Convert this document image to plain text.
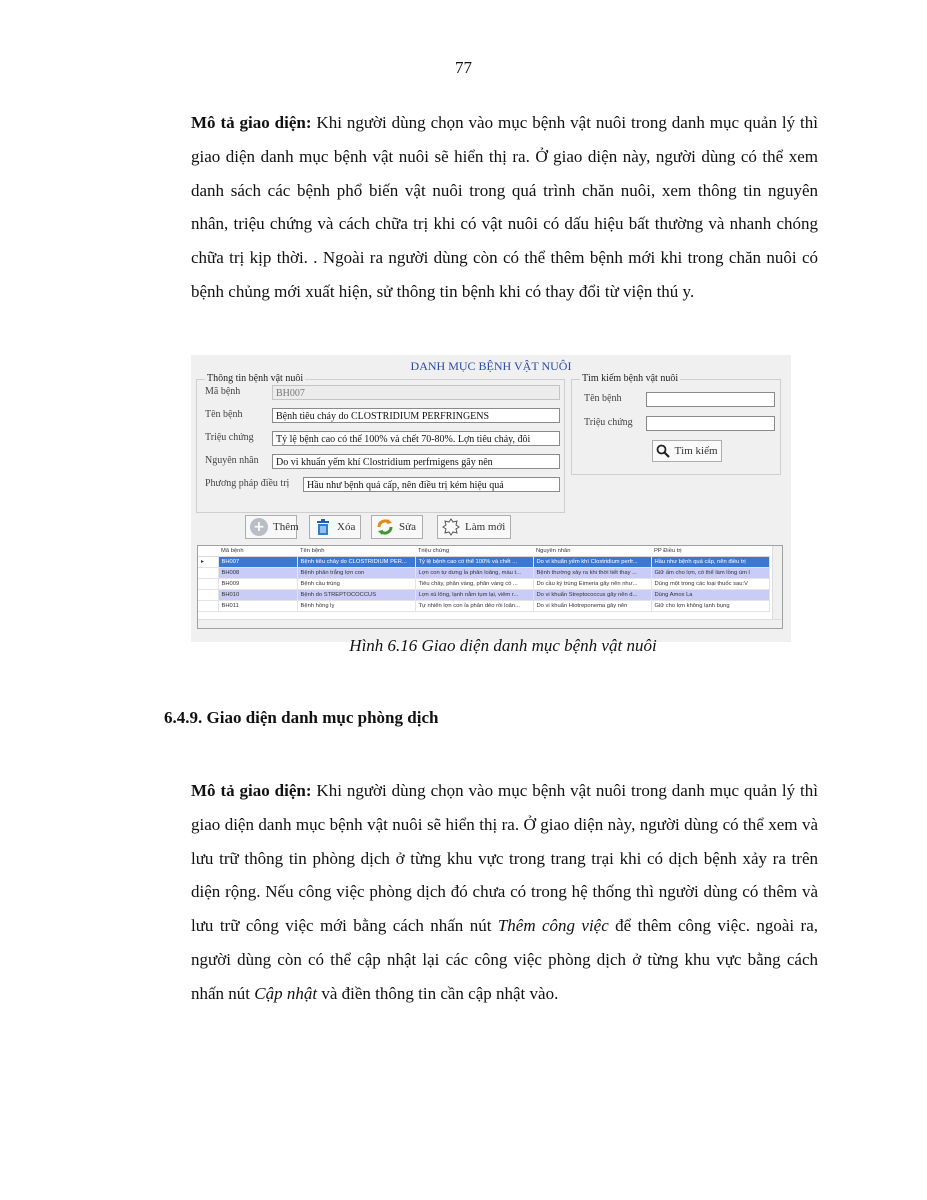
77
Mô tả giao diện: Khi người dùng chọn vào mục bệnh vật nuôi trong danh mục quản lý thì giao diện danh mục bệnh vật nuôi sẽ hiển thị ra. Ở giao diện này, người dùng có thể xem danh sách các bệnh phổ biến vật nuôi trong quá trình chăn nuôi, xem thông tin nguyên nhân, triệu chứng và cách chữa trị khi có vật nuôi có dấu hiệu bất thường và nhanh chóng chữa trị kịp thời. . Ngoài ra người dùng còn có thể thêm bệnh mới khi trong chăn nuôi có bệnh chủng mới xuất hiện, sử thông tin bệnh khi có thay đổi từ viện thú y.
DANH MỤC BỆNH VẬT NUÔI
Thông tin bệnh vật nuôi
Mã bệnh	BH007
Tên bệnh	Bệnh tiêu chảy do CLOSTRIDIUM PERFRINGENS
Triệu chứng	Tỷ lệ bệnh cao có thể 100% và chết 70-80%. Lợn tiêu chảy, đôi
Nguyên nhân	Do vi khuẩn yếm khí Clostridium perfrnigens gây nên
Phương pháp điều trị	Hầu như bệnh quá cấp, nên điều trị kém hiệu quả
Tìm kiếm bệnh vật nuôi
Tên bệnh
Triệu chứng
Tìm kiếm
+ Thêm	Xóa	Sửa	Làm mới
	Mã bệnh	Tên bệnh	Triệu chứng	Nguyên nhân	PP Điều trị
▸	BH007	Bệnh tiêu chảy do CLOSTRIDIUM PER...	Tỷ lệ bệnh cao có thể 100% và chết ...	Do vi khuẩn yếm khí Clostridium perfr...	Hầu như bệnh quá cấp, nên điều trị
	BH008	Bệnh phân trắng lợn con	Lợn con tự dưng ỉa phân loãng, màu t...	Bệnh thường xảy ra khi thời tiết thay ...	Giữ ấm cho lợn, có thể làm lồng úm l
	BH009	Bệnh cầu trùng	Tiêu chảy, phân vàng, phân vàng có ...	Do cầu ký trùng Eimeria gây nên như...	Dùng một trong các loại thuốc sau:V
	BH010	Bệnh do STREPTOCOCCUS	Lợn xù lông, lạnh nằm tụm lại, viêm r...	Do vi khuẩn Streptococcus gây nên d...	Dùng Amox La
	BH011	Bệnh hồng lỵ	Tự nhiên lợn con ỉa phân dẻo rồi loãn...	Do vi khuẩn Hiotreponema gây nên	Giữ cho lợn không lạnh bụng
Hình 6.16 Giao diện danh mục bệnh vật nuôi
6.4.9. Giao diện danh mục phòng dịch
Mô tả giao diện: Khi người dùng chọn vào mục bệnh vật nuôi trong danh mục quản lý thì giao diện danh mục bệnh vật nuôi sẽ hiển thị ra. Ở giao diện này, người dùng có thể xem và lưu trữ thông tin phòng dịch ở từng khu vực trong trang trại khi có dịch bệnh xảy ra trên diện rộng. Nếu công việc phòng dịch đó chưa có trong hệ thống thì người dùng có thêm và lưu trữ công việc mới bằng cách nhấn nút Thêm công việc để thêm công việc. ngoài ra, người dùng còn có thể cập nhật lại các công việc phòng dịch ở từng khu vực bằng cách nhấn nút Cập nhật và điền thông tin cần cập nhật vào.
